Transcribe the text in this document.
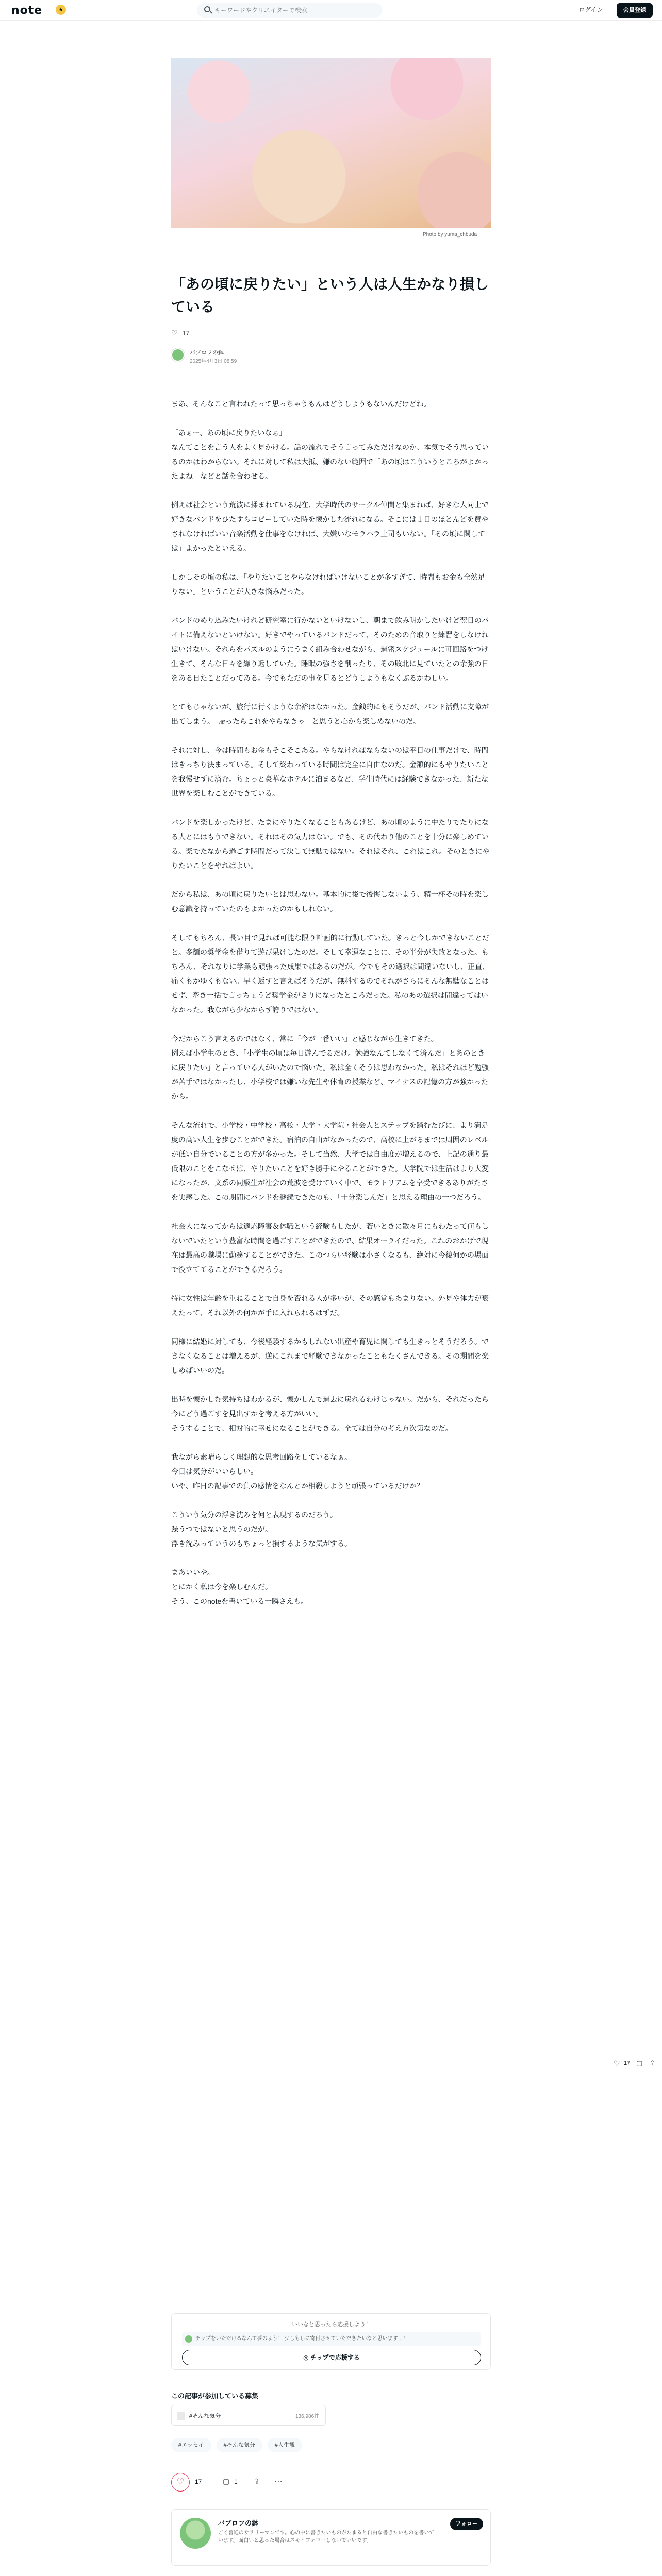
note	★
キーワードやクリエイターで検索	ログイン	会員登録
Photo by yuma_chbuda
「あの頃に戻りたい」という人は人生かなり損している
♡ 17
バブロフの鉢
2025年4月3日 08:59

まあ、そんなこと言われたって思っちゃうもんはどうしようもないんだけどね。

「あぁー、あの頃に戻りたいなぁ」
なんてことを言う人をよく見かける。話の流れでそう言ってみただけなのか、本気でそう思っているのかはわからない。それに対して私は大抵、嫌のない範囲で「あの頃はこういうところがよかったよね」などと話を合わせる。

例えば社会という荒波に揉まれている現在、大学時代のサークル仲間と集まれば、好きな人同士で好きなバンドをひたすらコピーしていた時を懐かしむ流れになる。そこには１日のほとんどを費やされなければいい音楽活動を仕事をなければ、大嫌いなモラハラ上司もいない。「その頃に関しては」よかったといえる。

しかしその頃の私は、「やりたいことやらなければいけないことが多すぎて、時間もお金も全然足りない」ということが大きな悩みだった。

バンドのめり込みたいけれど研究室に行かないといけないし、朝まで飲み明かしたいけど翌日のバイトに備えないといけない。好きでやっているバンドだって、そのための音取りと練習をしなければいけない。それらをパズルのようにうまく組み合わせながら、過密スケジュールに可回路をつけ生きて、そんな日々を繰り返していた。睡眠の強さを削ったり、その敗北に見ていたとの余強の日をある日たことだってある。今でもただの事を見るとどうしようもなくぶるかわしい。

とてもじゃないが、旅行に行くような余裕はなかった。金銭的にもそうだが、バンド活動に支障が出てしまう。「帰ったらこれをやらなきゃ」と思うと心から楽しめないのだ。

それに対し、今は時間もお金もそこそこある。やらなければならないのは平日の仕事だけで、時間はきっちり決まっている。そして終わっている時間は完全に自由なのだ。金額的にもやりたいことを我慢せずに済む。ちょっと豪華なホテルに泊まるなど、学生時代には経験できなかった、新たな世界を楽しむことができている。

バンドを楽しかったけど、たまにやりたくなることもあるけど、あの頃のように中たりでたりになる人とにはもうできない。それはその気力はない。でも、その代わり他のことを十分に楽しめている。楽でたなから過ごす時間だって決して無駄ではない。それはそれ、これはこれ。そのときにやりたいことをやればよい。

だから私は、あの頃に戻りたいとは思わない。基本的に後で後悔しないよう、精一杯その時を楽しむ意識を持っていたのもよかったのかもしれない。

そしてもちろん、長い目で見れば可能な限り計画的に行動していた。きっと今しかできないことだと。多額の奨学金を借りて遊び呆けしたのだ。そして幸運なことに、その半分が失敗となった。もちろん、それなりに学業も頑張った成果ではあるのだが。今でもその選択は間違いないし、正直、痛くもかゆくもない。早く返すと言えばそうだが、無料するのでそれがさらにそんな無駄なことはせず、牽き一括で言っちょうど奨学金がさりになったところだった。私のあの選択は間違ってはいなかった。我ながら少なからず誇りではない。

今だからこう言えるのではなく、常に「今が一番いい」と感じながら生きてきた。
例えば小学生のとき、「小学生の頃は毎日遊んでるだけ。勉強なんてしなくて済んだ」とあのときに戻りたい」と言っている人がいたので悩いた。私は全くそうは思わなかった。私はそれほど勉強が苦手ではなかったし、小学校では嫌いな先生や体育の授業など、マイナスの記憶の方が強かったから。

そんな流れで、小学校・中学校・高校・大学・大学院・社会人とステップを踏むたびに、より満足度の高い人生を歩むことができた。宿泊の自由がなかったので、高校に上がるまでは周囲のレベルが低い自分でいることの方が多かった。そして当然、大学では自由度が増えるので、上記の通り最低限のことをこなせば、やりたいことを好き勝手にやることができた。大学院では生活はより大変になったが、文系の同級生が社会の荒波を受けていく中で、モラトリアムを享受できるありがたさを実感した。この期間にバンドを継続できたのも、「十分楽しんだ」と思える理由の一つだろう。

社会人になってからは適応障害＆休職という経験もしたが、若いときに散々月にもわたって何もしないでいたという豊富な時間を過ごすことができたので、結果オーライだった。これのおかげで現在は最高の職場に勤務することができた。このつらい経験は小さくなるも、絶対に今後何かの場面で役立ててることができるだろう。

特に女性は年齢を重ねることで自身を否れる人が多いが、その感覚もあまりない。外見や体力が衰えたって、それ以外の何かが手に入れられるはずだ。

同様に結婚に対しても、今後経験するかもしれない出産や育児に関しても生きっとそうだろう。できなくなることは増えるが、逆にこれまで経験できなかったこともたくさんできる。その期間を楽しめばいいのだ。

出時を懐かしむ気持ちはわかるが、懐かしんで過去に戻れるわけじゃない。だから、それだったら今にどう過ごすを見出すかを考える方がいい。
そうすることで、相対的に幸せになることができる。全ては自分の考え方次第なのだ。

我ながら素晴らしく理想的な思考回路をしているなぁ。
今日は気分がいいらしい。
いや、昨日の記事での負の感情をなんとか相殺しようと頑張っているだけか？

こういう気分の浮き沈みを何と表現するのだろう。
躁うつではないと思うのだが。
浮き沈みっていうのもちょっと損するような気がする。

まあいいや。
とにかく私は今を楽しむんだ。
そう、このnoteを書いている一瞬さえも。

♡ 17 ▢ ⇪
いいなと思ったら応援しよう！
チップをいただけるなんて夢のよう！ 少しもしに寄付させていただきたいなと思います…！
◎ チップで応援する
この記事が参加している募集
#そんな気分	136,986件
#エッセイ	#そんな気分	#人生観
♡	17	▢ 1 ⇪ ⋯
バブロフの鉢
ごく普通のサラリーマンです。心の中に書きたいものがたまると自由な書きたいものを書いています。面白いと思った場合はスキ・フォローしないでいいです。
フォロー
